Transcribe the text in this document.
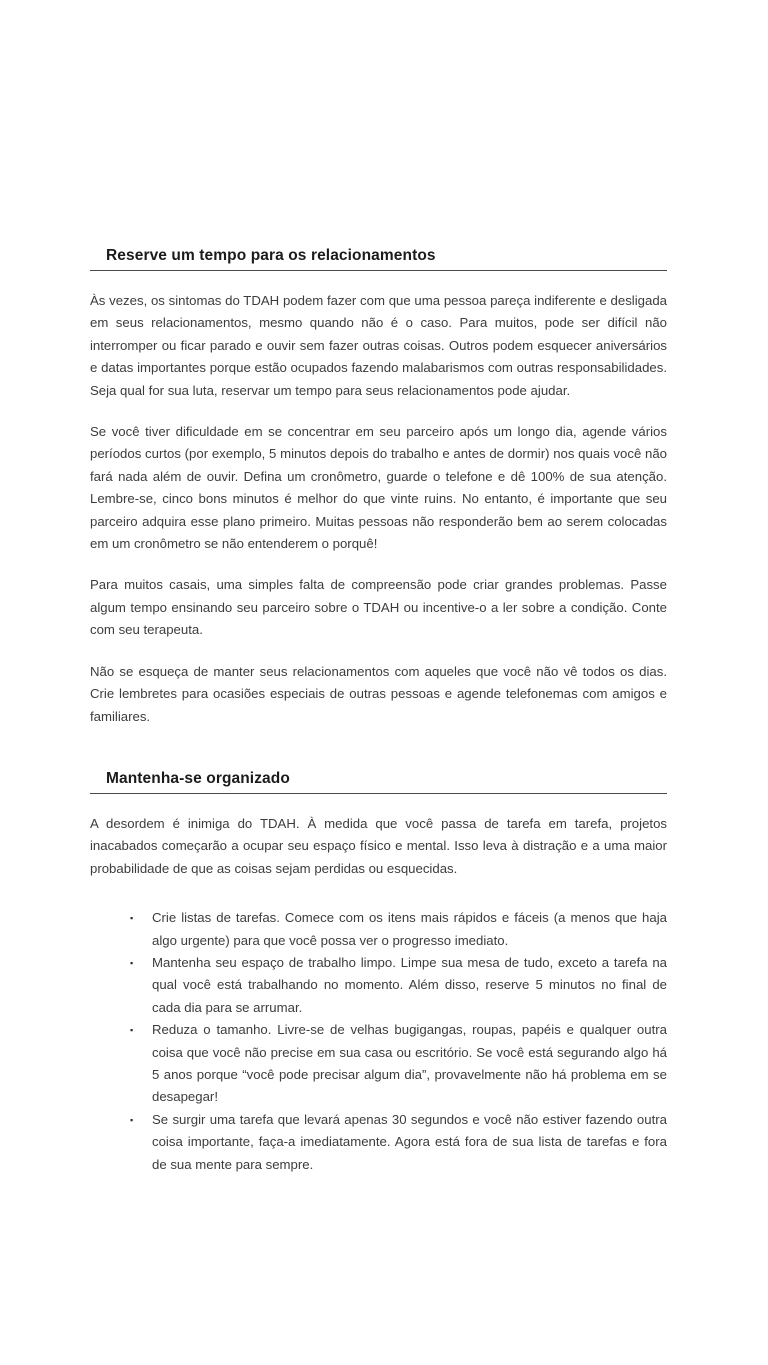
Reserve um tempo para os relacionamentos

Às vezes, os sintomas do TDAH podem fazer com que uma pessoa pareça indiferente e desligada em seus relacionamentos, mesmo quando não é o caso. Para muitos, pode ser difícil não interromper ou ficar parado e ouvir sem fazer outras coisas. Outros podem esquecer aniversários e datas importantes porque estão ocupados fazendo malabarismos com outras responsabilidades. Seja qual for sua luta, reservar um tempo para seus relacionamentos pode ajudar.

Se você tiver dificuldade em se concentrar em seu parceiro após um longo dia, agende vários períodos curtos (por exemplo, 5 minutos depois do trabalho e antes de dormir) nos quais você não fará nada além de ouvir. Defina um cronômetro, guarde o telefone e dê 100% de sua atenção. Lembre-se, cinco bons minutos é melhor do que vinte ruins. No entanto, é importante que seu parceiro adquira esse plano primeiro. Muitas pessoas não responderão bem ao serem colocadas em um cronômetro se não entenderem o porquê!

Para muitos casais, uma simples falta de compreensão pode criar grandes problemas. Passe algum tempo ensinando seu parceiro sobre o TDAH ou incentive-o a ler sobre a condição. Conte com seu terapeuta.

Não se esqueça de manter seus relacionamentos com aqueles que você não vê todos os dias. Crie lembretes para ocasiões especiais de outras pessoas e agende telefonemas com amigos e familiares.

Mantenha-se organizado

A desordem é inimiga do TDAH. À medida que você passa de tarefa em tarefa, projetos inacabados começarão a ocupar seu espaço físico e mental. Isso leva à distração e a uma maior probabilidade de que as coisas sejam perdidas ou esquecidas.

▪	Crie listas de tarefas. Comece com os itens mais rápidos e fáceis (a menos que haja algo urgente) para que você possa ver o progresso imediato.
▪	Mantenha seu espaço de trabalho limpo. Limpe sua mesa de tudo, exceto a tarefa na qual você está trabalhando no momento. Além disso, reserve 5 minutos no final de cada dia para se arrumar.
▪	Reduza o tamanho. Livre-se de velhas bugigangas, roupas, papéis e qualquer outra coisa que você não precise em sua casa ou escritório. Se você está segurando algo há 5 anos porque “você pode precisar algum dia”, provavelmente não há problema em se desapegar!
▪	Se surgir uma tarefa que levará apenas 30 segundos e você não estiver fazendo outra coisa importante, faça-a imediatamente. Agora está fora de sua lista de tarefas e fora de sua mente para sempre.
